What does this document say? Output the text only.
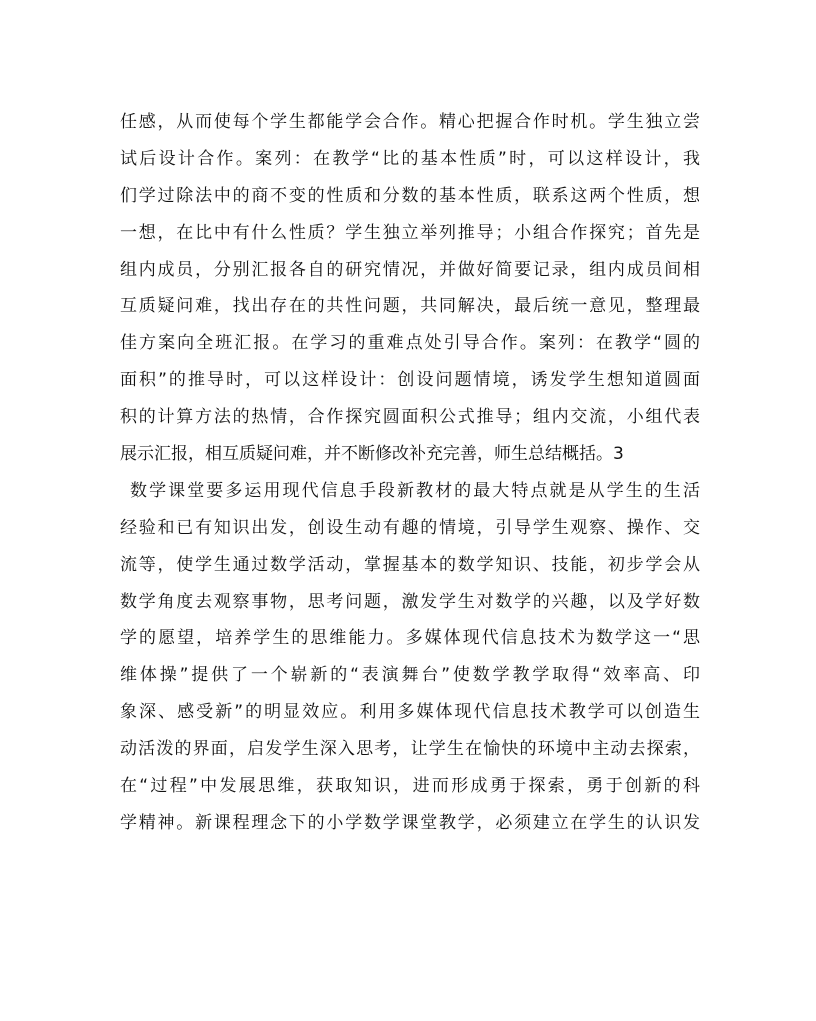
任感，从而使每个学生都能学会合作。精心把握合作时机。学生独立尝
试后设计合作。案列：在教学“比的基本性质”时，可以这样设计，我
们学过除法中的商不变的性质和分数的基本性质，联系这两个性质，想
一想，在比中有什么性质？学生独立举列推导；小组合作探究；首先是
组内成员，分别汇报各自的研究情况，并做好简要记录，组内成员间相
互质疑问难，找出存在的共性问题，共同解决，最后统一意见，整理最
佳方案向全班汇报。在学习的重难点处引导合作。案列：在教学“圆的
面积”的推导时，可以这样设计：创设问题情境，诱发学生想知道圆面
积的计算方法的热情，合作探究圆面积公式推导；组内交流，小组代表
展示汇报，相互质疑问难，并不断修改补充完善，师生总结概括。3
数学课堂要多运用现代信息手段新教材的最大特点就是从学生的生活
经验和已有知识出发，创设生动有趣的情境，引导学生观察、操作、交
流等，使学生通过数学活动，掌握基本的数学知识、技能，初步学会从
数学角度去观察事物，思考问题，激发学生对数学的兴趣，以及学好数
学的愿望，培养学生的思维能力。多媒体现代信息技术为数学这一“思
维体操”提供了一个崭新的“表演舞台”使数学教学取得“效率高、印
象深、感受新”的明显效应。利用多媒体现代信息技术教学可以创造生
动活泼的界面，启发学生深入思考，让学生在愉快的环境中主动去探索，
在“过程”中发展思维，获取知识，进而形成勇于探索，勇于创新的科
学精神。新课程理念下的小学数学课堂教学，必须建立在学生的认识发
